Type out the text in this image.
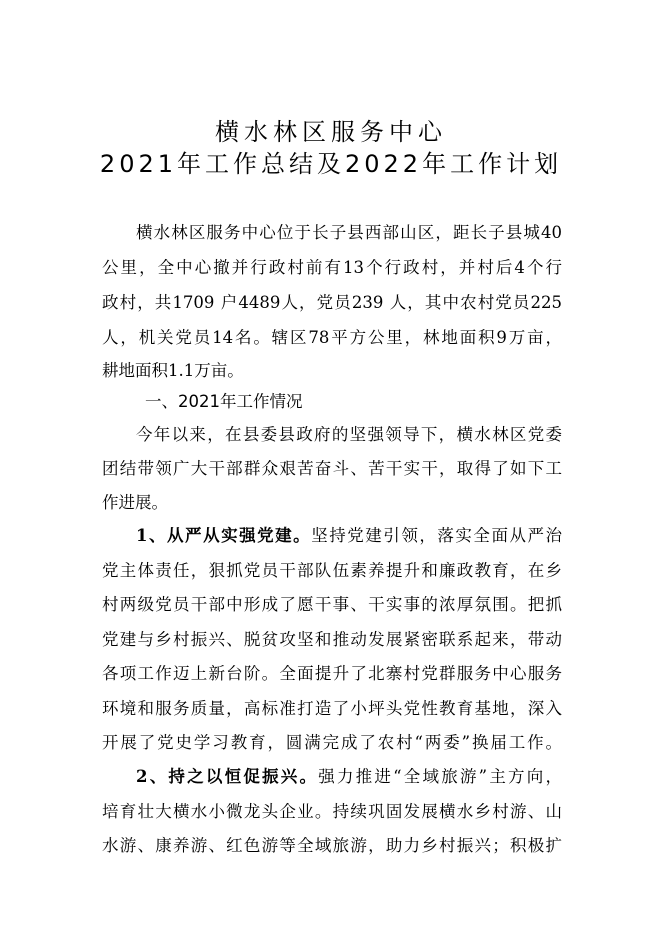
横水林区服务中心
2021年工作总结及2022年工作计划
横水林区服务中心位于长子县西部山区，距长子县城40
公里，全中心撤并行政村前有13个行政村，并村后4个行
政村，共1709 户4489人，党员239 人，其中农村党员225
人，机关党员14名。辖区78平方公里，林地面积9万亩，
耕地面积1.1万亩。
一、2021年工作情况
今年以来，在县委县政府的坚强领导下，横水林区党委
团结带领广大干部群众艰苦奋斗、苦干实干，取得了如下工
作进展。
1、从严从实强党建。坚持党建引领，落实全面从严治
党主体责任，狠抓党员干部队伍素养提升和廉政教育，在乡
村两级党员干部中形成了愿干事、干实事的浓厚氛围。把抓
党建与乡村振兴、脱贫攻坚和推动发展紧密联系起来，带动
各项工作迈上新台阶。全面提升了北寨村党群服务中心服务
环境和服务质量，高标准打造了小坪头党性教育基地，深入
开展了党史学习教育，圆满完成了农村“两委”换届工作。
2、持之以恒促振兴。强力推进“全域旅游”主方向，
培育壮大横水小微龙头企业。持续巩固发展横水乡村游、山
水游、康养游、红色游等全域旅游，助力乡村振兴；积极扩
